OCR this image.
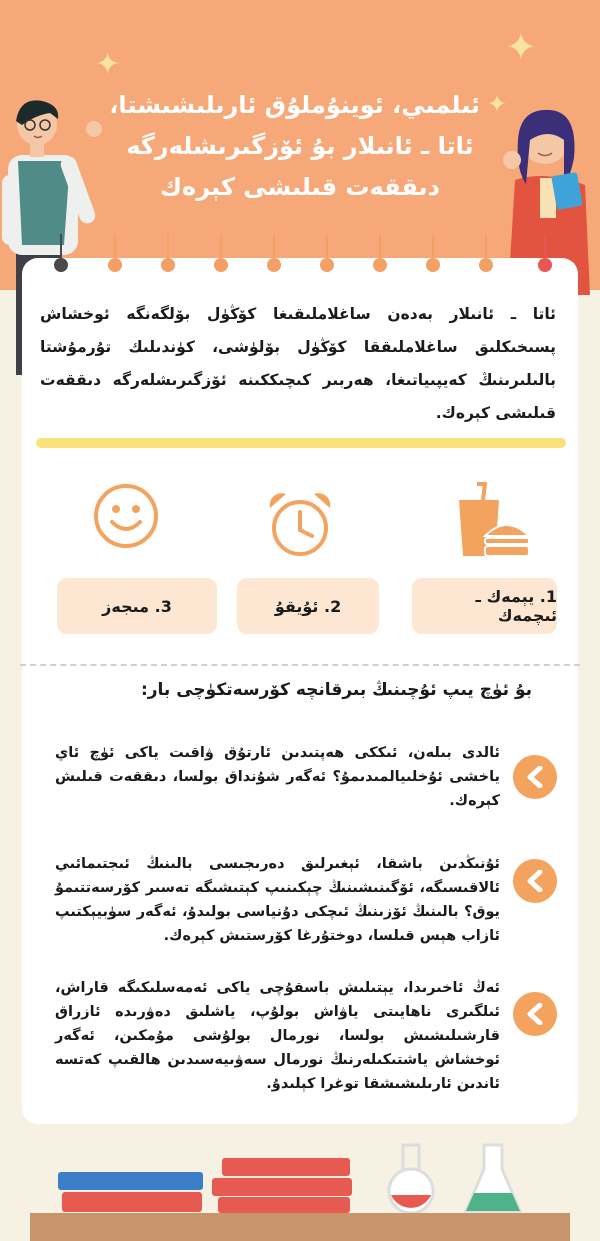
✦	✦
✦
ئىلمىي، ئوينۇملۇق ئارىلىشىشتا،
ئاتا ـ ئانىلار بۇ ئۆزگىرىشلەرگە
دىققەت قىلىشى كېرەك
ئاتا ـ ئانىلار بەدەن ساغلاملىقىغا كۆڭۈل بۆلگەنگە ئوخشاش پسىخىكلىق ساغلاملىققا كۆڭۈل بۆلۈشى، كۈندىلىك تۇرمۇشتا بالىلىرىنىڭ كەيپىياتىغا، ھەربىر كىچىككىنە ئۆزگىرىشلەرگە دىققەت قىلىشى كېرەك.
3. مىجەز	2. ئۇيقۇ	1. يېمەك ـ ئىچمەك
بۇ ئۈچ يىپ ئۇچىنىڭ بىرقانچە كۆرسەتكۈچى بار:
ئالدى بىلەن، ئىككى ھەپتىدىن ئارتۇق ۋاقىت ياكى ئۈچ ئاي ياخشى ئۇخلىيالمىدىمۇ؟ ئەگەر شۇنداق بولسا، دىققەت قىلىش كېرەك.
ئۇنىڭدىن باشقا، ئېغىرلىق دەرىجىسى بالىنىڭ ئىجتىمائىي ئالاقىسىگە، ئۆگىنىشىنىڭ چېكىنىپ كېتىشىگە تەسىر كۆرسەتتىمۇ يوق؟ بالىنىڭ ئۆزىنىڭ ئىچكى دۇنياسى بولىدۇ، ئەگەر سۈبيېكتىپ ئازاب ھېس قىلسا، دوختۇرغا كۆرستىش كېرەك.
ئەڭ ئاخىرىدا، يېتىلىش باسقۇچى ياكى ئەمەسلىكىگە قاراش، ئىلگىرى ناھايىتى ياۋاش بولۇپ، ياشلىق دەۋرىدە ئازراق قارشىلىشىش بولسا، نورمال بولۇشى مۇمكىن، ئەگەر ئوخشاش ياشتىكىلەرنىڭ نورمال سەۋىيەسىدىن ھالقىپ كەتسە ئاندىن ئارىلىشىشقا توغرا كېلىدۇ.
